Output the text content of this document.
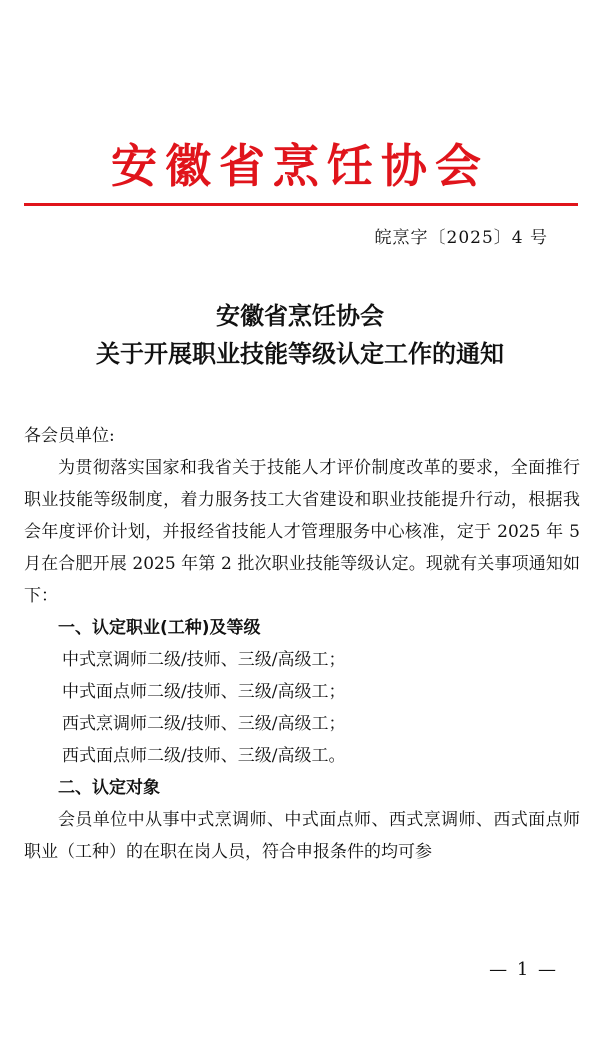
安徽省烹饪协会
皖烹字〔2025〕4 号
安徽省烹饪协会
关于开展职业技能等级认定工作的通知

各会员单位:

为贯彻落实国家和我省关于技能人才评价制度改革的要求，全面推行职业技能等级制度，着力服务技工大省建设和职业技能提升行动，根据我会年度评价计划，并报经省技能人才管理服务中心核准，定于 2025 年 5 月在合肥开展 2025 年第 2 批次职业技能等级认定。现就有关事项通知如下：

一、认定职业(工种)及等级

中式烹调师二级/技师、三级/高级工；

中式面点师二级/技师、三级/高级工；

西式烹调师二级/技师、三级/高级工；

西式面点师二级/技师、三级/高级工。

二、认定对象

会员单位中从事中式烹调师、中式面点师、西式烹调师、西式面点师职业（工种）的在职在岗人员，符合申报条件的均可参

— 1 —
